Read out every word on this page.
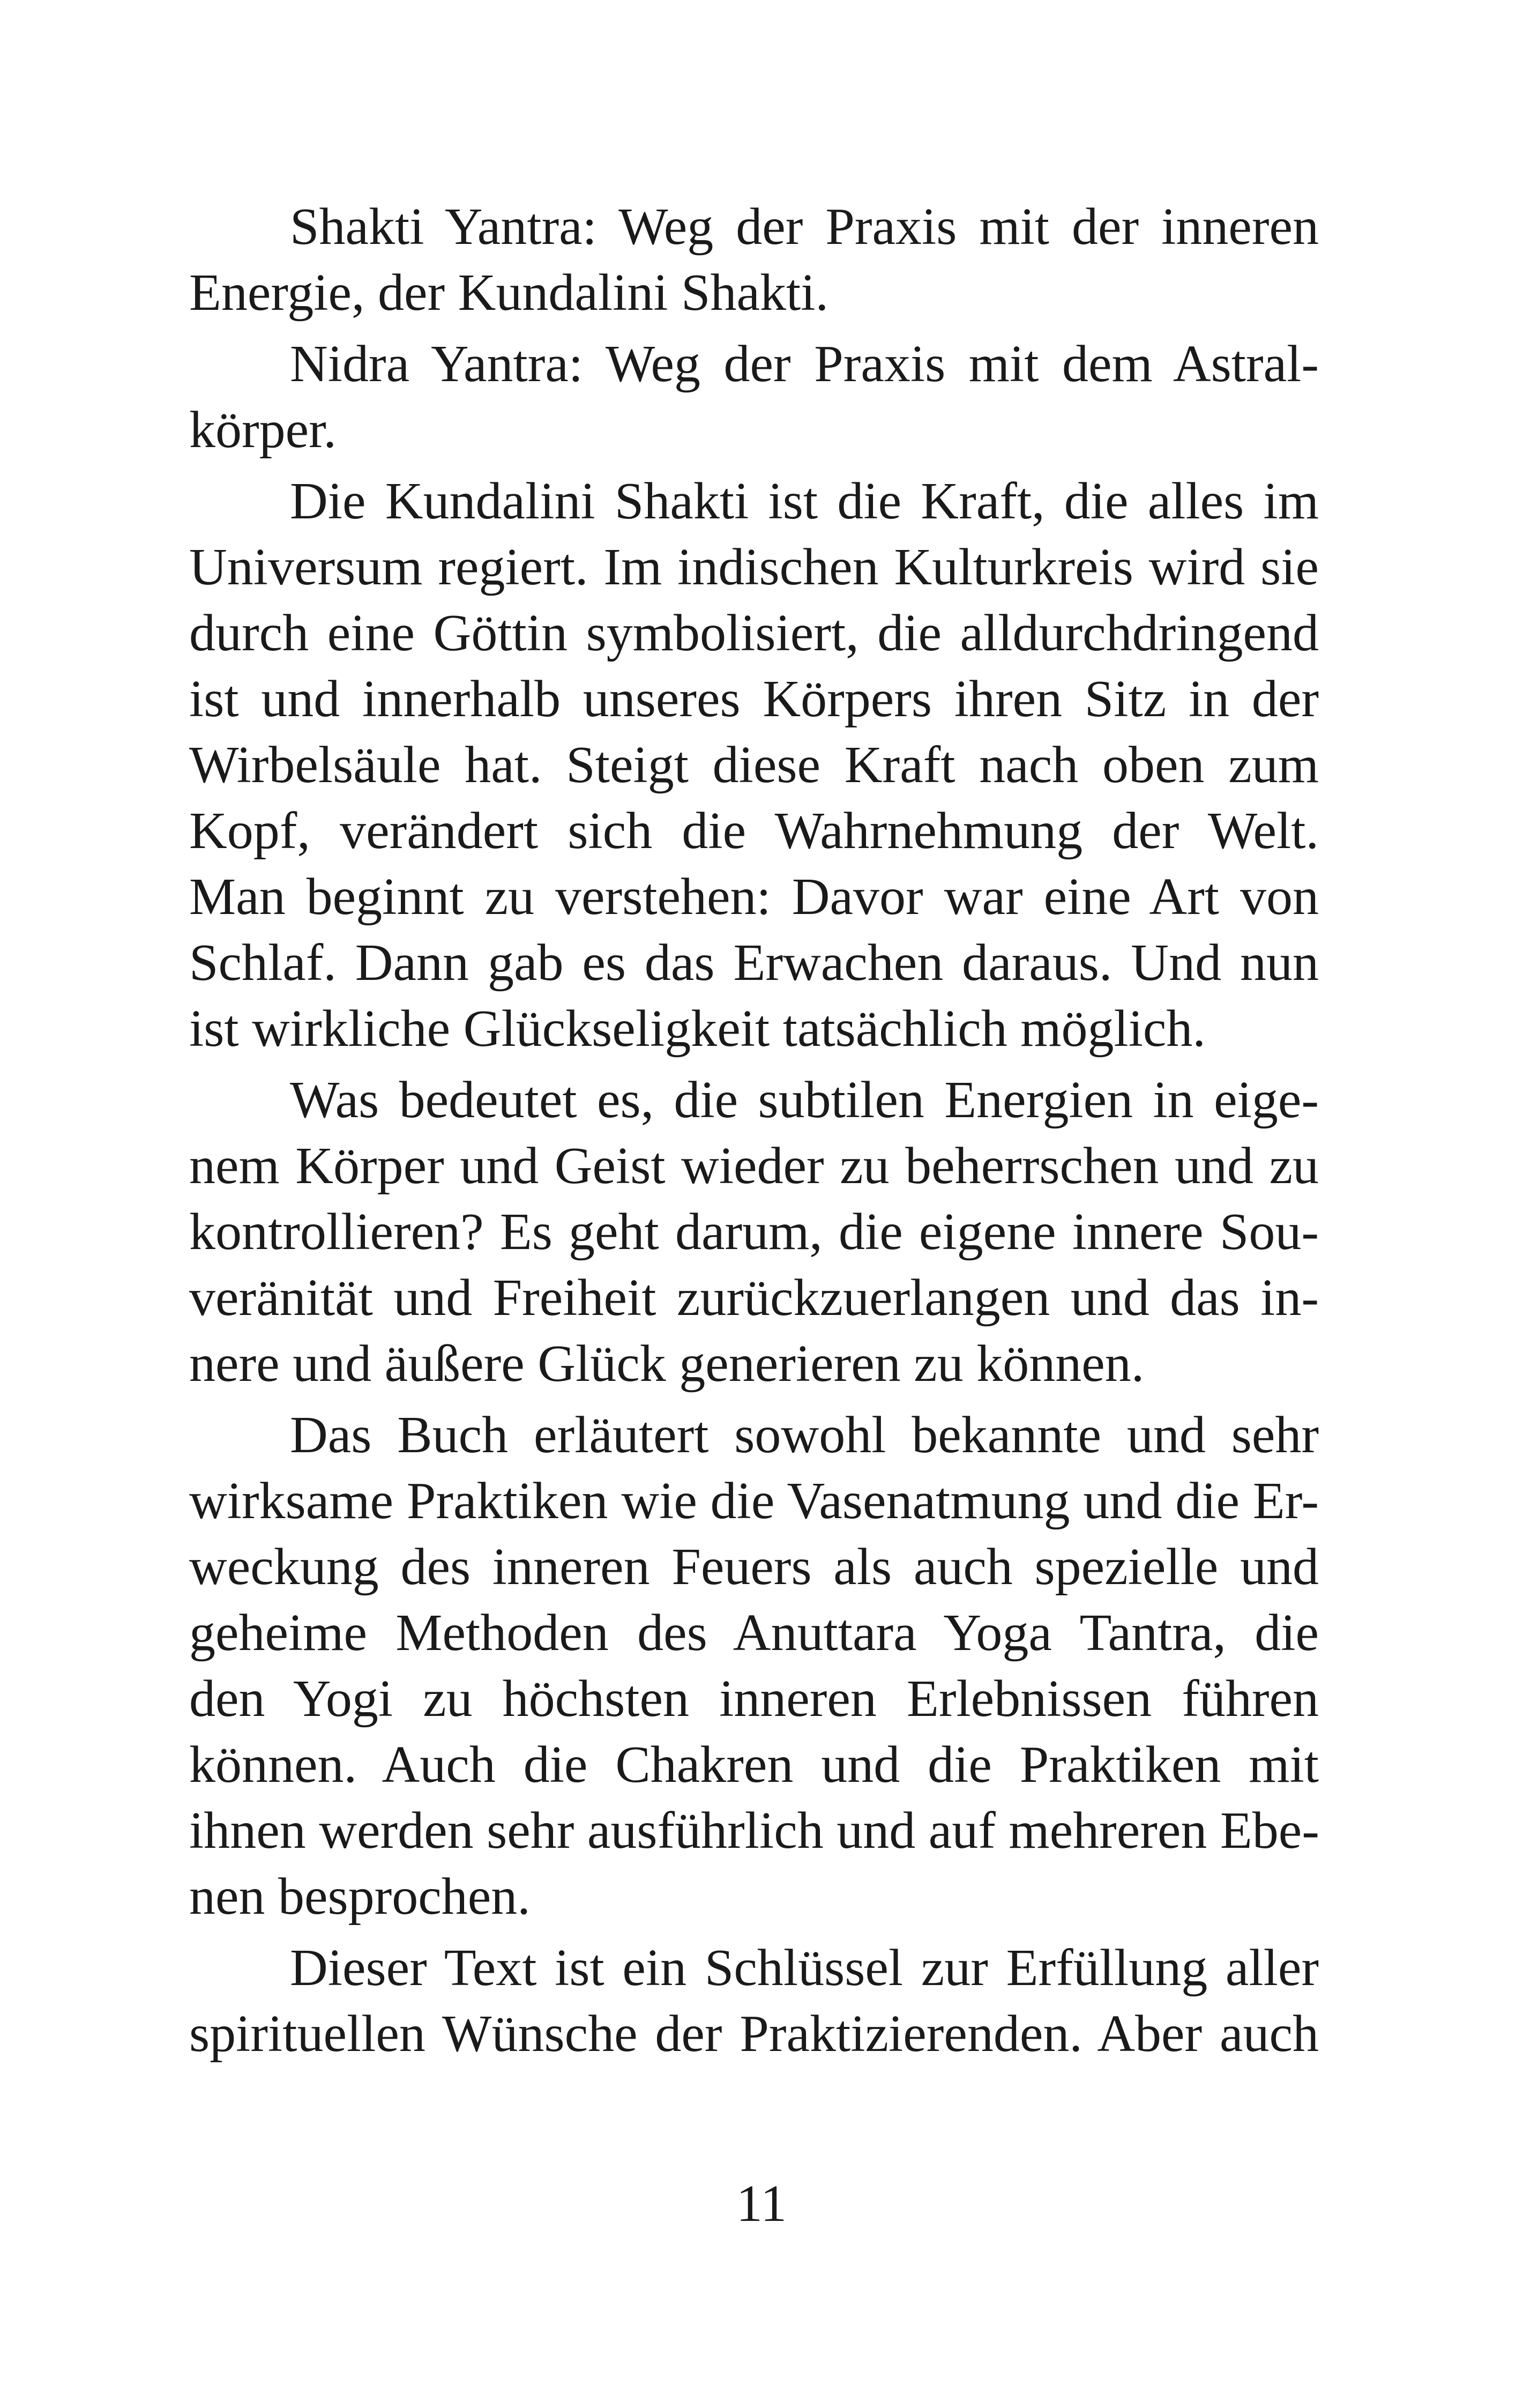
Shakti Yantra: Weg der Praxis mit der inneren
Energie, der Kundalini Shakti.

Nidra Yantra: Weg der Praxis mit dem Astral-
körper.

Die Kundalini Shakti ist die Kraft, die alles im
Universum regiert. Im indischen Kulturkreis wird sie
durch eine Göttin symbolisiert, die alldurchdringend
ist und innerhalb unseres Körpers ihren Sitz in der
Wirbelsäule hat. Steigt diese Kraft nach oben zum
Kopf, verändert sich die Wahrnehmung der Welt.
Man beginnt zu verstehen: Davor war eine Art von
Schlaf. Dann gab es das Erwachen daraus. Und nun
ist wirkliche Glückseligkeit tatsächlich möglich.

Was bedeutet es, die subtilen Energien in eige-
nem Körper und Geist wieder zu beherrschen und zu
kontrollieren? Es geht darum, die eigene innere Sou-
veränität und Freiheit zurückzuerlangen und das in-
nere und äußere Glück generieren zu können.

Das Buch erläutert sowohl bekannte und sehr
wirksame Praktiken wie die Vasenatmung und die Er-
weckung des inneren Feuers als auch spezielle und
geheime Methoden des Anuttara Yoga Tantra, die
den Yogi zu höchsten inneren Erlebnissen führen
können. Auch die Chakren und die Praktiken mit
ihnen werden sehr ausführlich und auf mehreren Ebe-
nen besprochen.

Dieser Text ist ein Schlüssel zur Erfüllung aller
spirituellen Wünsche der Praktizierenden. Aber auch

11
